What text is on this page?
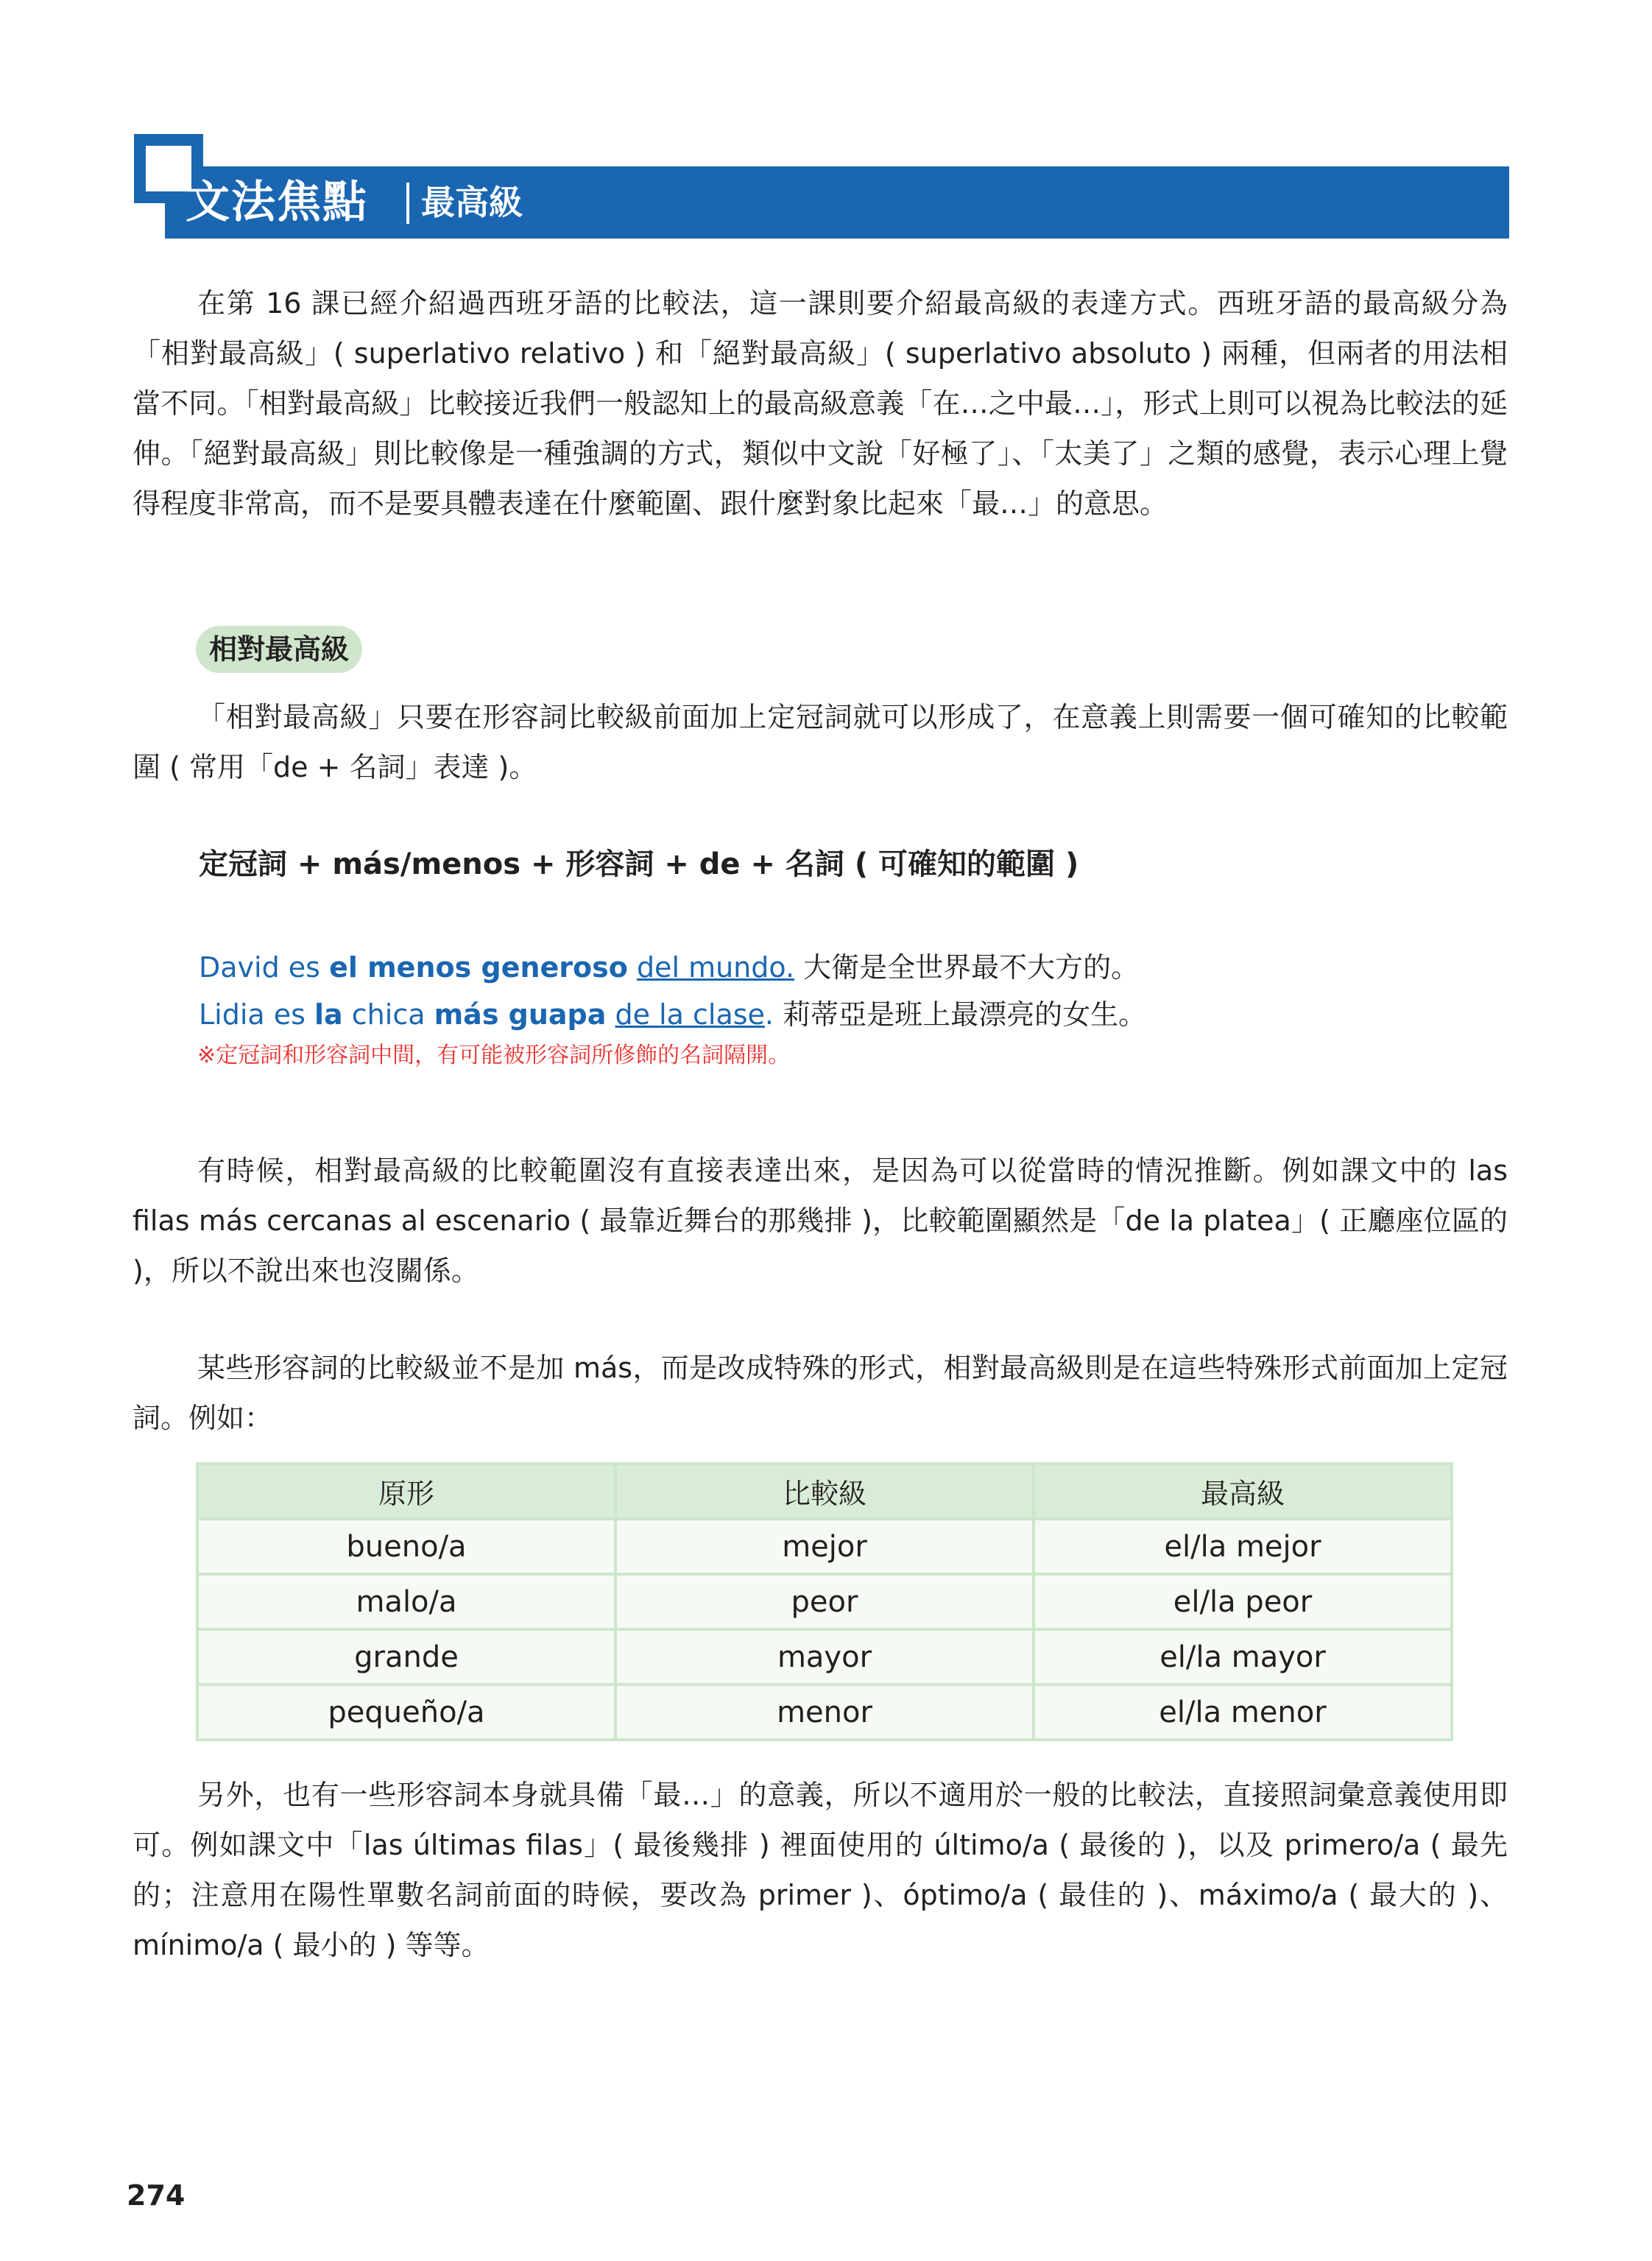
文法焦點 最高級

在第 16 課已經介紹過西班牙語的比較法，這一課則要介紹最高級的表達方式。西班牙語的最高級分為「相對最高級」( superlativo relativo ) 和「絕對最高級」( superlativo absoluto ) 兩種，但兩者的用法相當不同。「相對最高級」比較接近我們一般認知上的最高級意義「在…之中最…」，形式上則可以視為比較法的延伸。「絕對最高級」則比較像是一種強調的方式，類似中文說「好極了」、「太美了」之類的感覺，表示心理上覺得程度非常高，而不是要具體表達在什麼範圍、跟什麼對象比起來「最…」的意思。

相對最高級

「相對最高級」只要在形容詞比較級前面加上定冠詞就可以形成了，在意義上則需要一個可確知的比較範圍 ( 常用「de + 名詞」表達 )。

定冠詞 + más/menos + 形容詞 + de + 名詞 ( 可確知的範圍 )
David es el menos generoso del mundo. 大衛是全世界最不大方的。
Lidia es la chica más guapa de la clase. 莉蒂亞是班上最漂亮的女生。
※定冠詞和形容詞中間，有可能被形容詞所修飾的名詞隔開。

有時候，相對最高級的比較範圍沒有直接表達出來，是因為可以從當時的情況推斷。例如課文中的 las filas más cercanas al escenario ( 最靠近舞台的那幾排 )，比較範圍顯然是「de la platea」( 正廳座位區的 )，所以不說出來也沒關係。

某些形容詞的比較級並不是加 más，而是改成特殊的形式，相對最高級則是在這些特殊形式前面加上定冠詞。例如：

原形	比較級	最高級
bueno/a	mejor	el/la mejor
malo/a	peor	el/la peor
grande	mayor	el/la mayor
pequeño/a	menor	el/la menor

另外，也有一些形容詞本身就具備「最…」的意義，所以不適用於一般的比較法，直接照詞彙意義使用即可。例如課文中「las últimas filas」( 最後幾排 ) 裡面使用的 último/a ( 最後的 )，以及 primero/a ( 最先的；注意用在陽性單數名詞前面的時候，要改為 primer )、óptimo/a ( 最佳的 )、máximo/a ( 最大的 )、mínimo/a ( 最小的 ) 等等。

274
